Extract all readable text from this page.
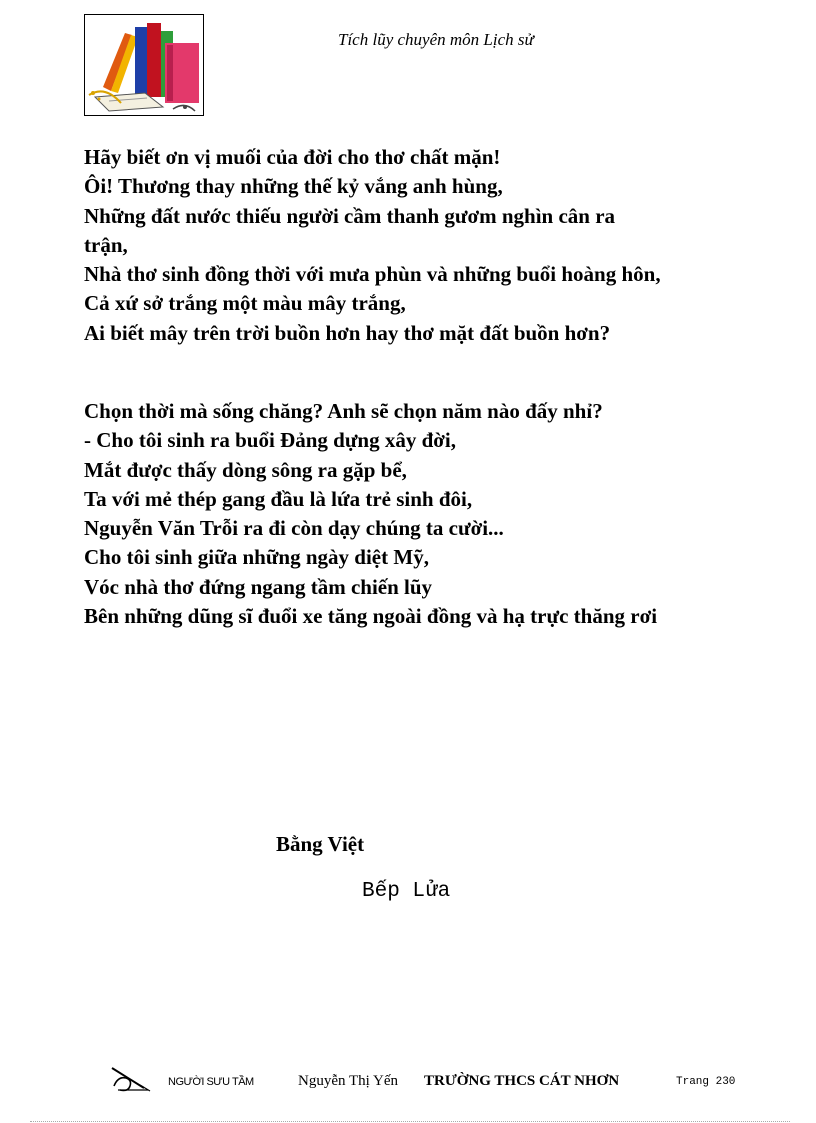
Tích lũy chuyên môn Lịch sử
Hãy biết ơn vị muối của đời cho thơ chất mặn!
Ôi! Thương thay những thế kỷ vắng anh hùng,
Những đất nước thiếu người cầm thanh gươm nghìn cân ra
trận,
Nhà thơ sinh đồng thời với mưa phùn và những buổi hoàng hôn,
Cả xứ sở trắng một màu mây trắng,
Ai biết mây trên trời buồn hơn hay thơ mặt đất buồn hơn?
Chọn thời mà sống chăng? Anh sẽ chọn năm nào đấy nhỉ?
- Cho tôi sinh ra buổi Đảng dựng xây đời,
Mắt được thấy dòng sông ra gặp bể,
Ta với mẻ thép gang đầu là lứa trẻ sinh đôi,
Nguyễn Văn Trỗi ra đi còn dạy chúng ta cười...
Cho tôi sinh giữa những ngày diệt Mỹ,
Vóc nhà thơ đứng ngang tầm chiến lũy
Bên những dũng sĩ đuổi xe tăng ngoài đồng và hạ trực thăng rơi
Bằng Việt
Bếp Lửa
NGƯỜI SƯU TẦM	Nguyễn Thị Yến TRƯỜNG THCS CÁT NHƠN	Trang 230
